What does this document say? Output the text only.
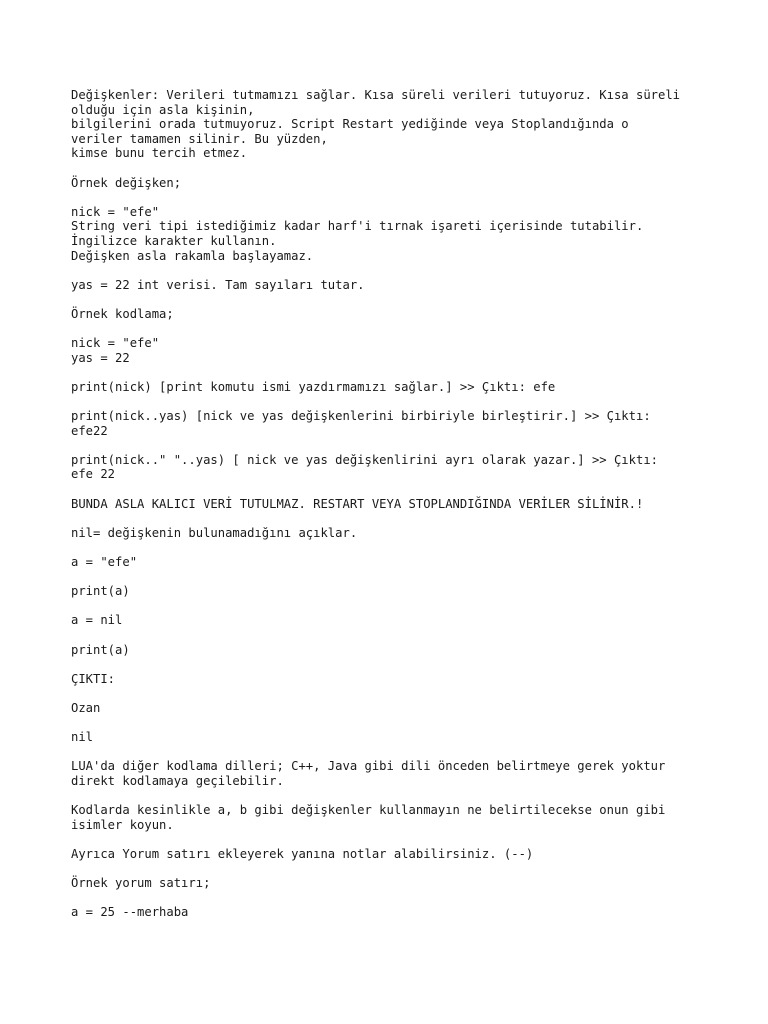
Değişkenler: Verileri tutmamızı sağlar. Kısa süreli verileri tutuyoruz. Kısa süreli
olduğu için asla kişinin,
bilgilerini orada tutmuyoruz. Script Restart yediğinde veya Stoplandığında o
veriler tamamen silinir. Bu yüzden,
kimse bunu tercih etmez.
Örnek değişken;
nick = "efe"
String veri tipi istediğimiz kadar harf'i tırnak işareti içerisinde tutabilir.
İngilizce karakter kullanın.
Değişken asla rakamla başlayamaz.
yas = 22 int verisi. Tam sayıları tutar.
Örnek kodlama;
nick = "efe"
yas = 22
print(nick) [print komutu ismi yazdırmamızı sağlar.] >> Çıktı: efe
print(nick..yas) [nick ve yas değişkenlerini birbiriyle birleştirir.] >> Çıktı:
efe22
print(nick.." "..yas) [ nick ve yas değişkenlirini ayrı olarak yazar.] >> Çıktı:
efe 22
BUNDA ASLA KALICI VERİ TUTULMAZ. RESTART VEYA STOPLANDIĞINDA VERİLER SİLİNİR.!
nil= değişkenin bulunamadığını açıklar.
a = "efe"
print(a)
a = nil
print(a)
ÇIKTI:
Ozan
nil
LUA'da diğer kodlama dilleri; C++, Java gibi dili önceden belirtmeye gerek yoktur
direkt kodlamaya geçilebilir.
Kodlarda kesinlikle a, b gibi değişkenler kullanmayın ne belirtilecekse onun gibi
isimler koyun.
Ayrıca Yorum satırı ekleyerek yanına notlar alabilirsiniz. (--)
Örnek yorum satırı;
a = 25 --merhaba
